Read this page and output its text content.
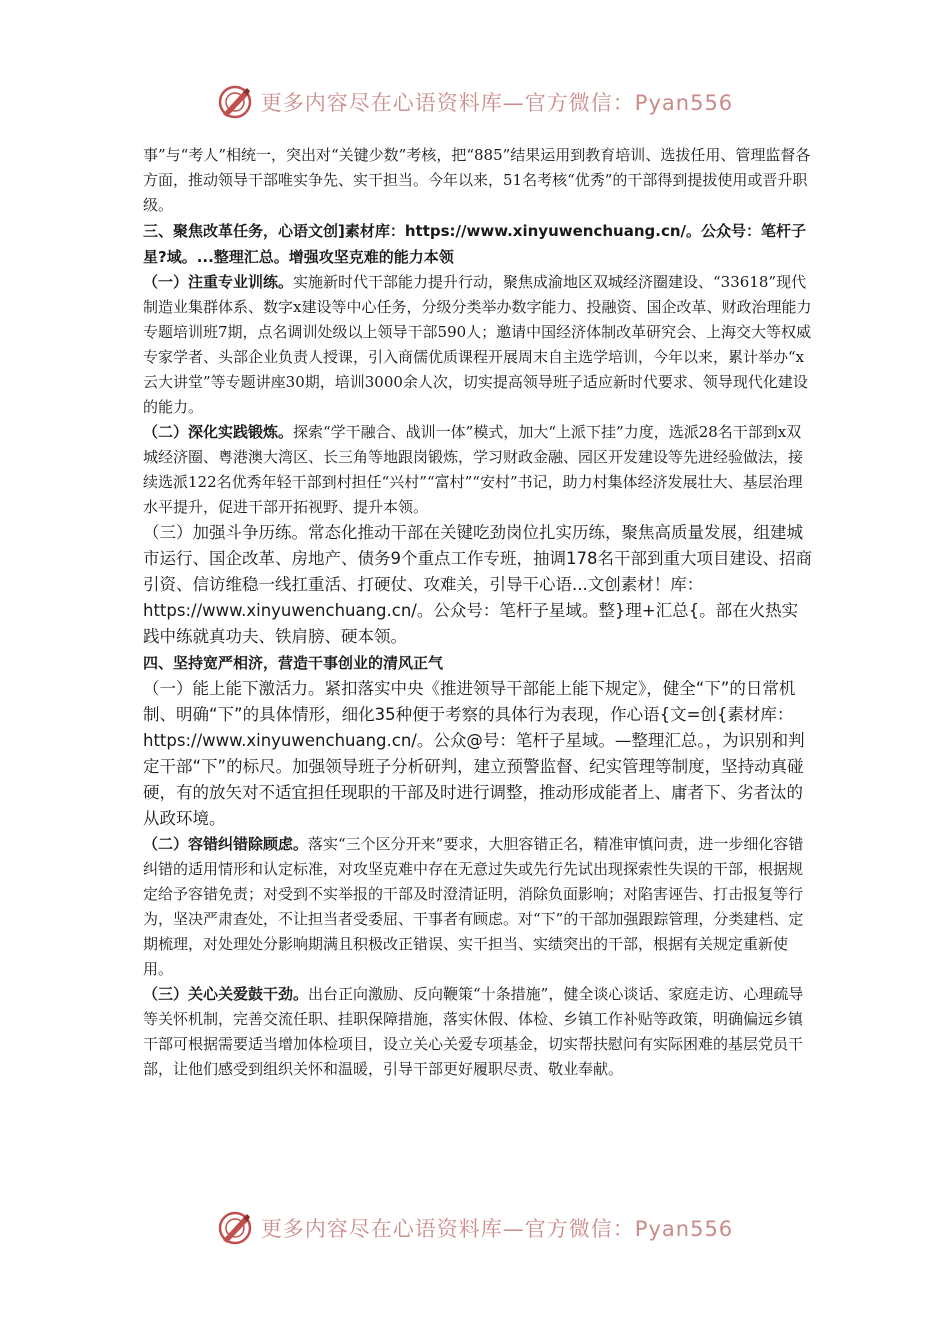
更多内容尽在心语资料库—官方微信：Pyan556

事”与“考人”相统一，突出对“关键少数”考核，把“885”结果运用到教育培训、选拔任用、管理监督各方面，推动领导干部唯实争先、实干担当。今年以来，51名考核“优秀”的干部得到提拔使用或晋升职级。

三、聚焦改革任务，心语文创]素材库：https://www.xinyuwenchuang.cn/。公众号：笔杆子星?域。...整理汇总。增强攻坚克难的能力本领

（一）注重专业训练。实施新时代干部能力提升行动，聚焦成渝地区双城经济圈建设、“33618”现代制造业集群体系、数字x建设等中心任务，分级分类举办数字能力、投融资、国企改革、财政治理能力专题培训班7期，点名调训处级以上领导干部590人；邀请中国经济体制改革研究会、上海交大等权威专家学者、头部企业负责人授课，引入商儒优质课程开展周末自主选学培训，今年以来，累计举办“x云大讲堂”等专题讲座30期，培训3000余人次，切实提高领导班子适应新时代要求、领导现代化建设的能力。

（二）深化实践锻炼。探索“学干融合、战训一体”模式，加大“上派下挂”力度，选派28名干部到x双城经济圈、粤港澳大湾区、长三角等地跟岗锻炼，学习财政金融、园区开发建设等先进经验做法，接续选派122名优秀年轻干部到村担任“兴村”“富村”“安村”书记，助力村集体经济发展壮大、基层治理水平提升，促进干部开拓视野、提升本领。

（三）加强斗争历练。常态化推动干部在关键吃劲岗位扎实历练，聚焦高质量发展，组建城市运行、国企改革、房地产、债务9个重点工作专班，抽调178名干部到重大项目建设、招商引资、信访维稳一线扛重活、打硬仗、攻难关，引导干心语...文创素材！库：https://www.xinyuwenchuang.cn/。公众号：笔杆子星域。整}理+汇总{。部在火热实践中练就真功夫、铁肩膀、硬本领。

四、坚持宽严相济，营造干事创业的清风正气

（一）能上能下激活力。紧扣落实中央《推进领导干部能上能下规定》，健全“下”的日常机制、明确“下”的具体情形，细化35种便于考察的具体行为表现，作心语{文=创{素材库：https://www.xinyuwenchuang.cn/。公众@号：笔杆子星域。—整理汇总。，为识别和判定干部“下”的标尺。加强领导班子分析研判，建立预警监督、纪实管理等制度，坚持动真碰硬，有的放矢对不适宜担任现职的干部及时进行调整，推动形成能者上、庸者下、劣者汰的从政环境。

（二）容错纠错除顾虑。落实“三个区分开来”要求，大胆容错正名，精准审慎问责，进一步细化容错纠错的适用情形和认定标准，对攻坚克难中存在无意过失或先行先试出现探索性失误的干部，根据规定给予容错免责；对受到不实举报的干部及时澄清证明，消除负面影响；对陷害诬告、打击报复等行为，坚决严肃查处，不让担当者受委屈、干事者有顾虑。对“下”的干部加强跟踪管理，分类建档、定期梳理，对处理处分影响期满且积极改正错误、实干担当、实绩突出的干部，根据有关规定重新使用。

（三）关心关爱鼓干劲。出台正向激励、反向鞭策“十条措施”，健全谈心谈话、家庭走访、心理疏导等关怀机制，完善交流任职、挂职保障措施，落实休假、体检、乡镇工作补贴等政策，明确偏远乡镇干部可根据需要适当增加体检项目，设立关心关爱专项基金，切实帮扶慰问有实际困难的基层党员干部，让他们感受到组织关怀和温暖，引导干部更好履职尽责、敬业奉献。

更多内容尽在心语资料库—官方微信：Pyan556
